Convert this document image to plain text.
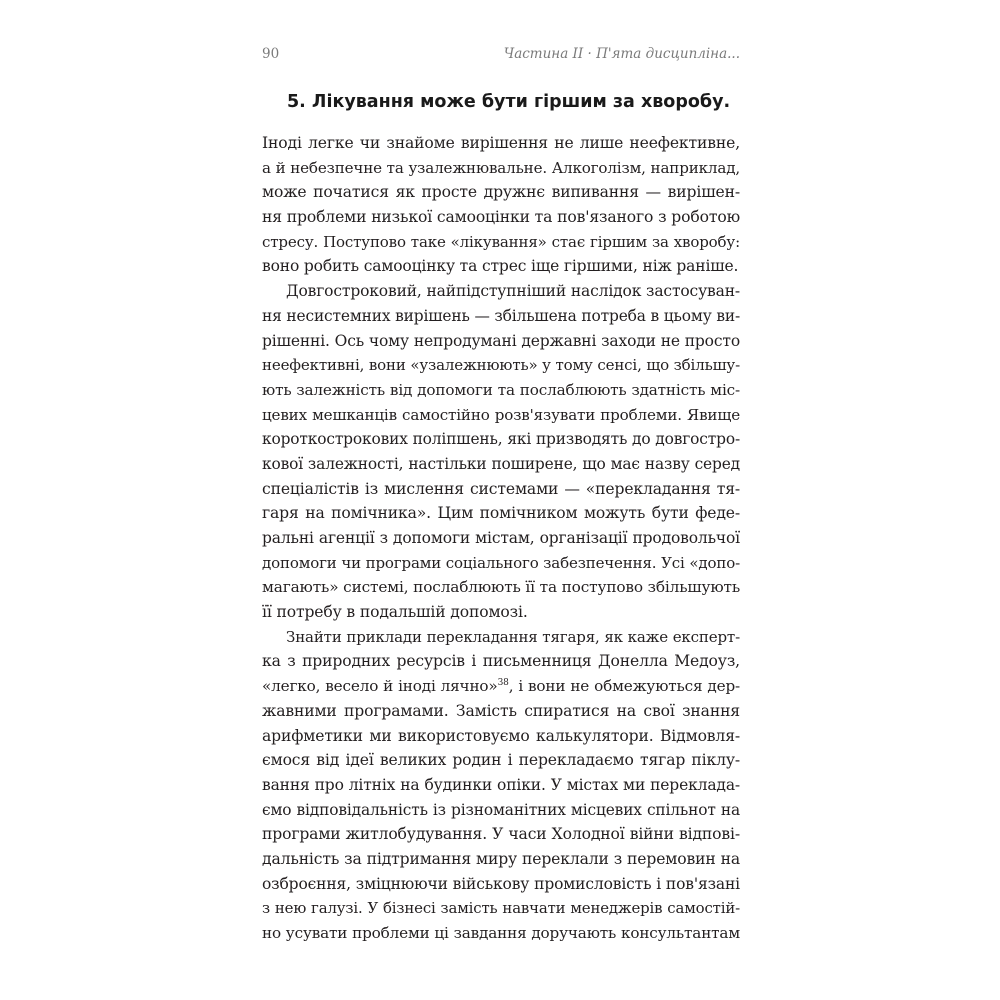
90	Частина II · П'ята дисципліна...
5. Лікування може бути гіршим за хворобу.
Іноді легке чи знайоме вирішення не лише неефективне,
а й небезпечне та узалежнювальне. Алкоголізм, наприклад,
може початися як просте дружнє випивання — вирішен-
ня проблеми низької самооцінки та пов'язаного з роботою
стресу. Поступово таке «лікування» стає гіршим за хворобу:
воно робить самооцінку та стрес іще гіршими, ніж раніше.
Довгостроковий, найпідступніший наслідок застосуван-
ня несистемних вирішень — збільшена потреба в цьому ви-
рішенні. Ось чому непродумані державні заходи не просто
неефективні, вони «узалежнюють» у тому сенсі, що збільшу-
ють залежність від допомоги та послаблюють здатність міс-
цевих мешканців самостійно розв'язувати проблеми. Явище
короткострокових поліпшень, які призводять до довгостро-
кової залежності, настільки поширене, що має назву серед
спеціалістів із мислення системами — «перекладання тя-
гаря на помічника». Цим помічником можуть бути феде-
ральні агенції з допомоги містам, організації продовольчої
допомоги чи програми соціального забезпечення. Усі «допо-
магають» системі, послаблюють її та поступово збільшують
її потребу в подальшій допомозі.
Знайти приклади перекладання тягаря, як каже експерт-
ка з природних ресурсів і письменниця Донелла Медоуз,
«легко, весело й іноді лячно»$^{38}$, і вони не обмежуються дер-
жавними програмами. Замість спиратися на свої знання
арифметики ми використовуємо калькулятори. Відмовля-
ємося від ідеї великих родин і перекладаємо тягар піклу-
вання про літніх на будинки опіки. У містах ми переклада-
ємо відповідальність із різноманітних місцевих спільнот на
програми житлобудування. У часи Холодної війни відпові-
дальність за підтримання миру переклали з перемовин на
озброєння, зміцнюючи військову промисловість і пов'язані
з нею галузі. У бізнесі замість навчати менеджерів самостій-
но усувати проблеми ці завдання доручають консультантам
